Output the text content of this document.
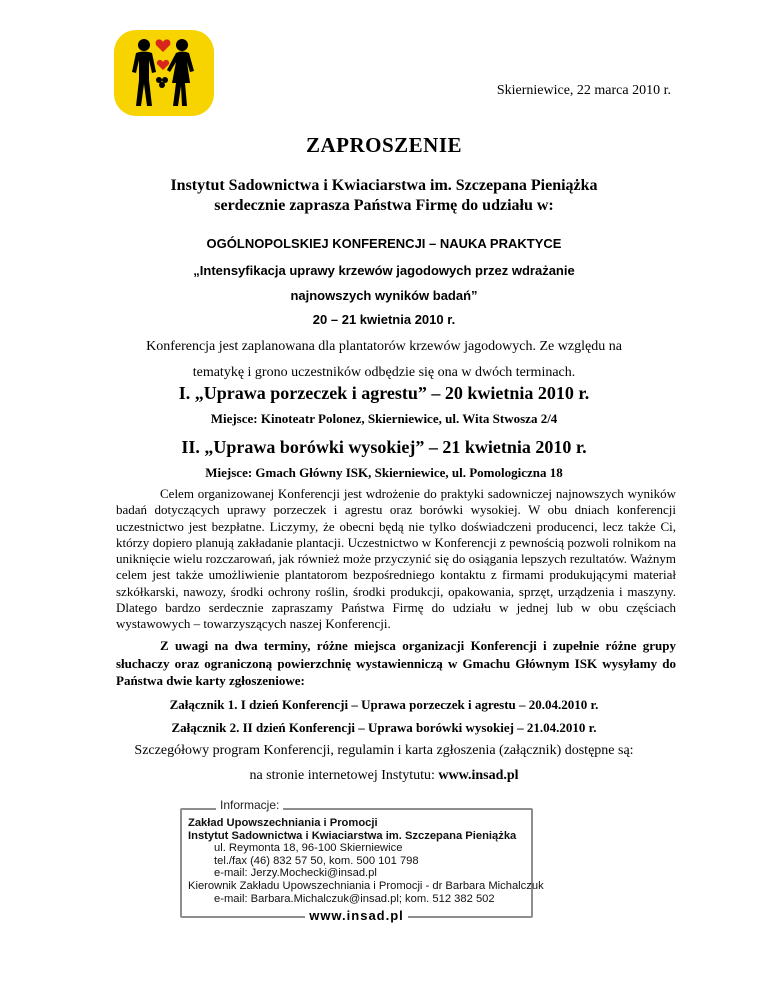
Skierniewice, 22 marca 2010 r.
ZAPROSZENIE
Instytut Sadownictwa i Kwiaciarstwa im. Szczepana Pieniążka
serdecznie zaprasza Państwa Firmę do udziału w:
OGÓLNOPOLSKIEJ KONFERENCJI – NAUKA PRAKTYCE
„Intensyfikacja uprawy krzewów jagodowych przez wdrażanie
najnowszych wyników badań”
20 – 21 kwietnia 2010 r.
Konferencja jest zaplanowana dla plantatorów krzewów jagodowych. Ze względu na
tematykę i grono uczestników odbędzie się ona w dwóch terminach.
I. „Uprawa porzeczek i agrestu” – 20 kwietnia 2010 r.
Miejsce: Kinoteatr Polonez, Skierniewice, ul. Wita Stwosza 2/4
II. „Uprawa borówki wysokiej” – 21 kwietnia 2010 r.
Miejsce: Gmach Główny ISK, Skierniewice, ul. Pomologiczna 18

Celem organizowanej Konferencji jest wdrożenie do praktyki sadowniczej najnowszych wyników badań dotyczących uprawy porzeczek i agrestu oraz borówki wysokiej. W obu dniach konferencji uczestnictwo jest bezpłatne. Liczymy, że obecni będą nie tylko doświadczeni producenci, lecz także Ci, którzy dopiero planują zakładanie plantacji. Uczestnictwo w Konferencji z pewnością pozwoli rolnikom na uniknięcie wielu rozczarowań, jak również może przyczynić się do osiągania lepszych rezultatów. Ważnym celem jest także umożliwienie plantatorom bezpośredniego kontaktu z firmami produkującymi materiał szkółkarski, nawozy, środki ochrony roślin, środki produkcji, opakowania, sprzęt, urządzenia i maszyny. Dlatego bardzo serdecznie zapraszamy Państwa Firmę do udziału w jednej lub w obu częściach wystawowych – towarzyszących naszej Konferencji.

Z uwagi na dwa terminy, różne miejsca organizacji Konferencji i zupełnie różne grupy słuchaczy oraz ograniczoną powierzchnię wystawienniczą w Gmachu Głównym ISK wysyłamy do Państwa dwie karty zgłoszeniowe:

Załącznik 1. I dzień Konferencji – Uprawa porzeczek i agrestu – 20.04.2010 r.
Załącznik 2. II dzień Konferencji – Uprawa borówki wysokiej – 21.04.2010 r.
Szczegółowy program Konferencji, regulamin i karta zgłoszenia (załącznik) dostępne są:
na stronie internetowej Instytutu: www.insad.pl
Informacje:
Zakład Upowszechniania i Promocji
Instytut Sadownictwa i Kwiaciarstwa im. Szczepana Pieniążka
ul. Reymonta 18, 96-100 Skierniewice
tel./fax (46) 832 57 50, kom. 500 101 798
e-mail: Jerzy.Mochecki@insad.pl
Kierownik Zakładu Upowszechniania i Promocji - dr Barbara Michalczuk
e-mail: Barbara.Michalczuk@insad.pl; kom. 512 382 502
www.insad.pl
